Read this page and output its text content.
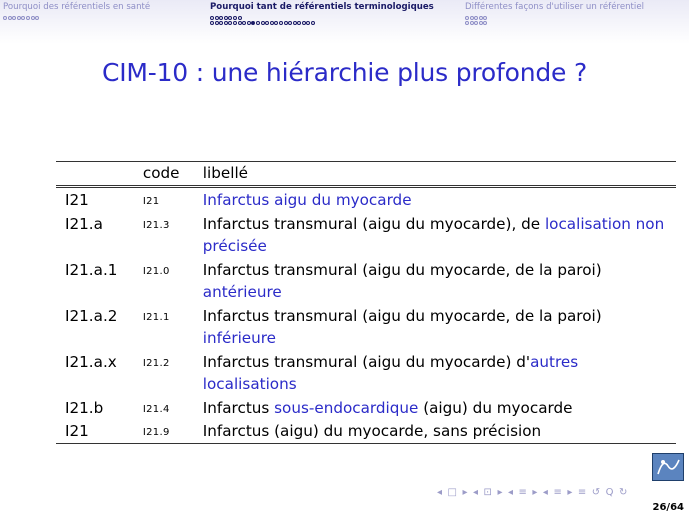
Pourquoi des référentiels en santé	Pourquoi tant de référentiels terminologiques	Différentes façons d'utiliser un référentiel
CIM-10 : une hiérarchie plus profonde ?
	code	libellé
I21	I21	Infarctus aigu du myocarde
I21.a	I21.3	Infarctus transmural (aigu du myocarde), de localisation non précisée
I21.a.1	I21.0	Infarctus transmural (aigu du myocarde, de la paroi) antérieure
I21.a.2	I21.1	Infarctus transmural (aigu du myocarde, de la paroi) inférieure
I21.a.x	I21.2	Infarctus transmural (aigu du myocarde) d'autres localisations
I21.b	I21.4	Infarctus sous-endocardique (aigu) du myocarde
I21	I21.9	Infarctus (aigu) du myocarde, sans précision
◂ □ ▸ ◂ ⊡ ▸ ◂ ≡ ▸ ◂ ≡ ▸ ≡ ↺ Q ↻
26/64
